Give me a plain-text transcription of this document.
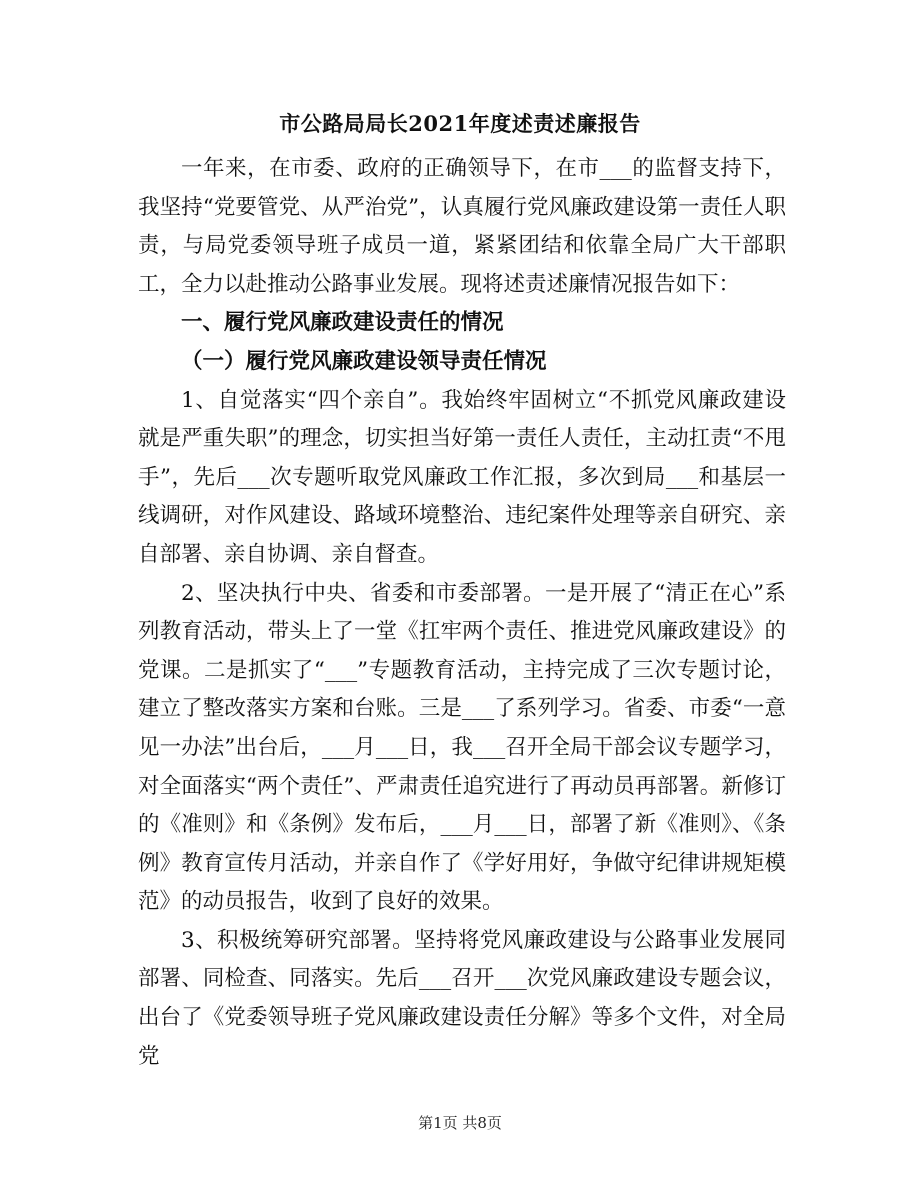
市公路局局长2021年度述责述廉报告

一年来，在市委、政府的正确领导下，在市___的监督支持下，我坚持“党要管党、从严治党”，认真履行党风廉政建设第一责任人职责，与局党委领导班子成员一道，紧紧团结和依靠全局广大干部职工，全力以赴推动公路事业发展。现将述责述廉情况报告如下：

一、履行党风廉政建设责任的情况

（一）履行党风廉政建设领导责任情况

1、自觉落实“四个亲自”。我始终牢固树立“不抓党风廉政建设就是严重失职”的理念，切实担当好第一责任人责任，主动扛责“不甩手”，先后___次专题听取党风廉政工作汇报，多次到局___和基层一线调研，对作风建设、路域环境整治、违纪案件处理等亲自研究、亲自部署、亲自协调、亲自督查。

2、坚决执行中央、省委和市委部署。一是开展了“清正在心”系列教育活动，带头上了一堂《扛牢两个责任、推进党风廉政建设》的党课。二是抓实了“___”专题教育活动，主持完成了三次专题讨论，建立了整改落实方案和台账。三是___了系列学习。省委、市委“一意见一办法”出台后，___月___日，我___召开全局干部会议专题学习，对全面落实“两个责任”、严肃责任追究进行了再动员再部署。新修订的《准则》和《条例》发布后，___月___日，部署了新《准则》、《条例》教育宣传月活动，并亲自作了《学好用好，争做守纪律讲规矩模范》的动员报告，收到了良好的效果。

3、积极统筹研究部署。坚持将党风廉政建设与公路事业发展同部署、同检查、同落实。先后___召开___次党风廉政建设专题会议，出台了《党委领导班子党风廉政建设责任分解》等多个文件，对全局党

第1页 共8页
